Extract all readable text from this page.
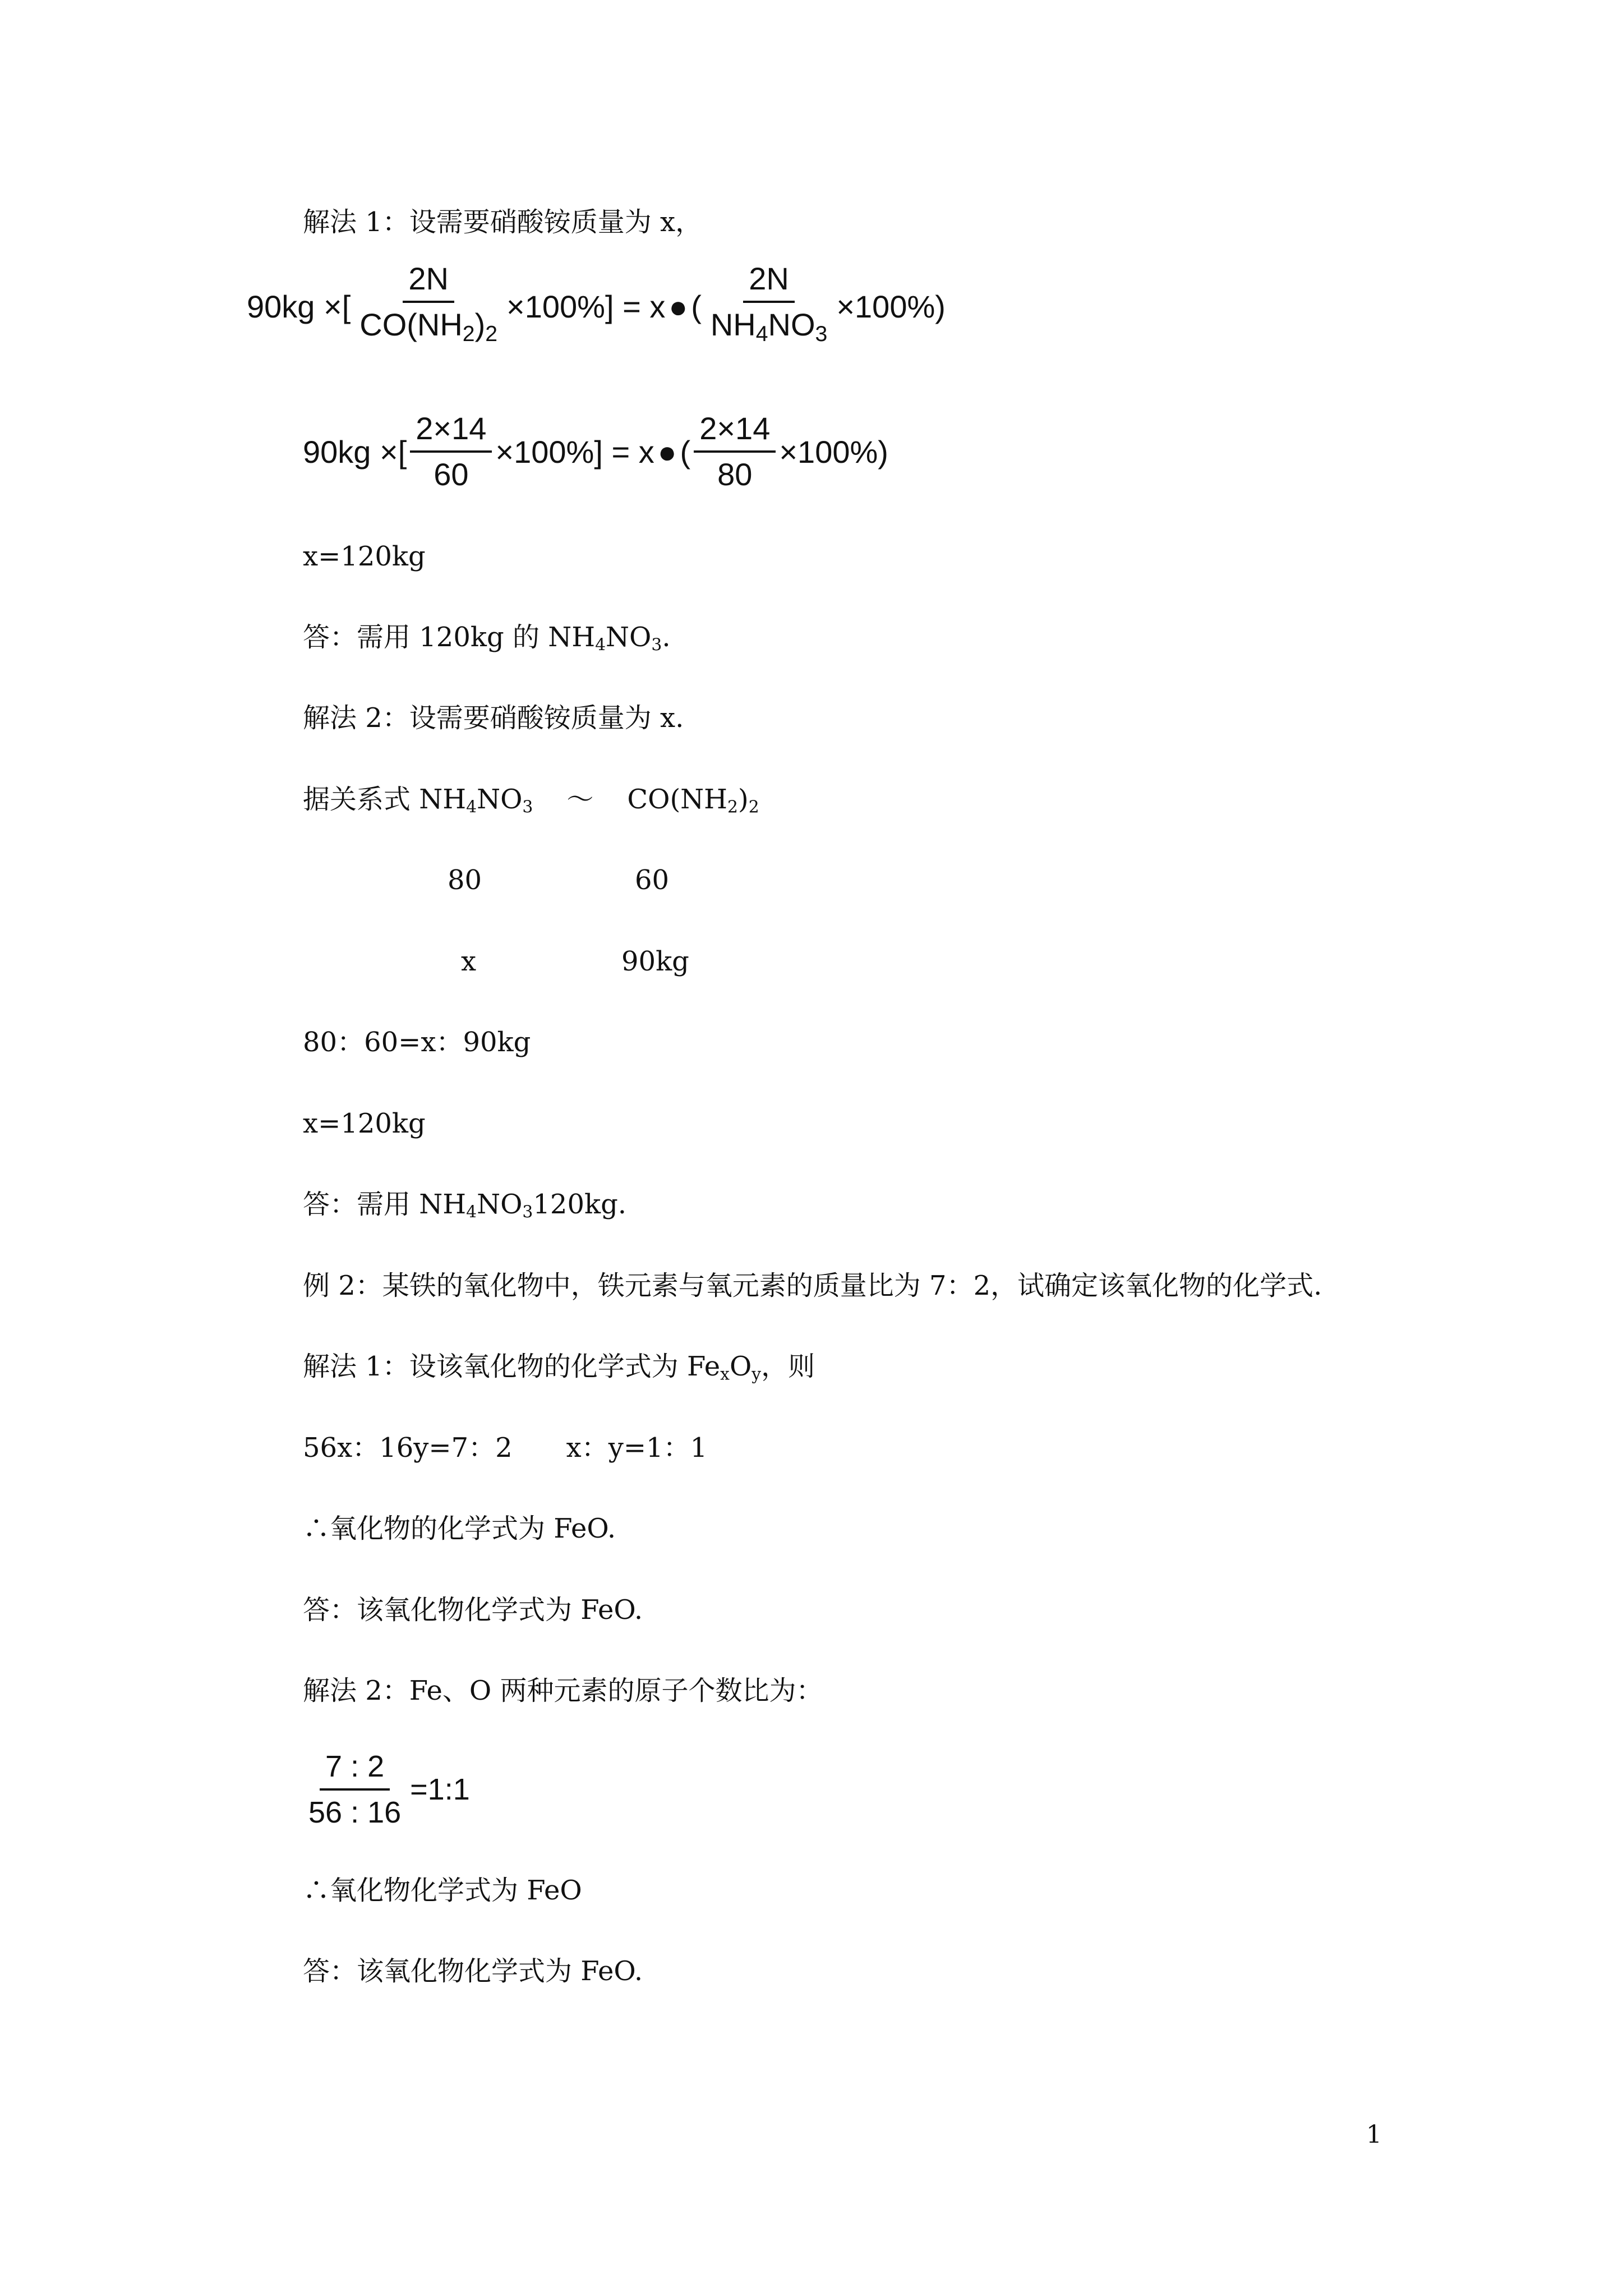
解法 1：设需要硝酸铵质量为 x，
90kg ×[ $\frac{2N}{CO(NH_2)_2} \times 100\%] = x$ ● ( $\frac{2N}{NH_4NO_3} \times 100\%$)
90kg ×[ $\frac{2\times 14}{60} \times 100\%] = x$ ● ( $\frac{2\times 14}{80} \times 100\%$)
x=120kg
答：需用 120kg 的 $NH_4NO_3$.
解法 2：设需要硝酸铵质量为 x.
据关系式 $NH_4NO_3$ ～ $CO(NH_2)_2$
80	60
x	90kg
80：60=x：90kg
x=120kg
答：需用 $NH_4NO_3120kg$.
例 2：某铁的氧化物中，铁元素与氧元素的质量比为 7：2，试确定该氧化物的化学式.
解法 1：设该氧化物的化学式为 $Fe_xO_y$，则
56x：16y=7：2　　x：y=1：1
∴氧化物的化学式为 FeO.
答：该氧化物化学式为 FeO.
解法 2：Fe、O 两种元素的原子个数比为：
$\frac{7 : 2}{56 : 16}$ =1:1
∴氧化物化学式为 FeO
答：该氧化物化学式为 FeO.
1
